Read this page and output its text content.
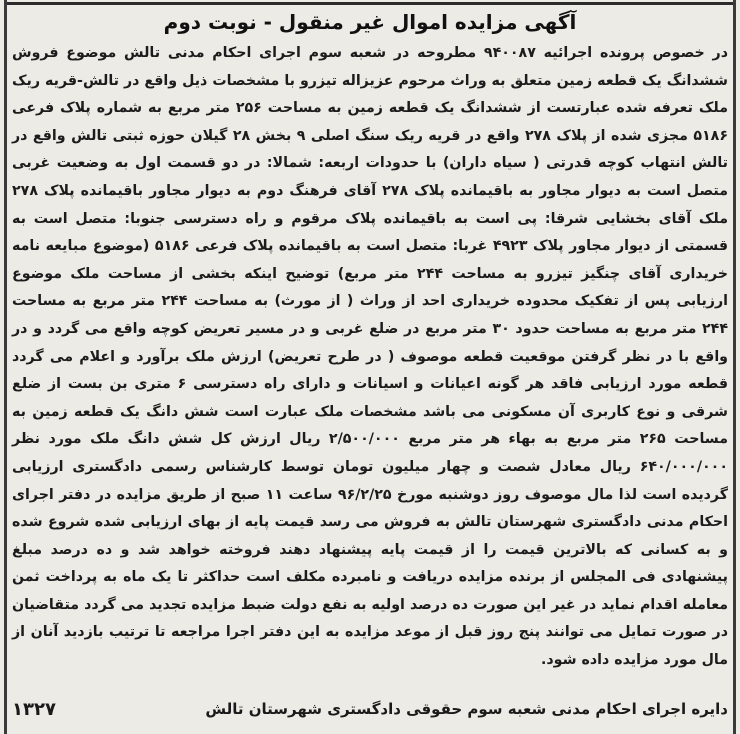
آگهی مزایده اموال غیر منقول - نوبت دوم
در خصوص پرونده اجرائیه ۹۴۰۰۸۷ مطروحه در شعبه سوم اجرای احکام مدنی تالش موضوع فروش ششدانگ یک قطعه زمین متعلق به وراث مرحوم عزیزاله تیزرو با مشخصات ذیل واقع در تالش-قریه ریک ملک تعرفه شده عبارتست از ششدانگ یک قطعه زمین به مساحت ۲۵۶ متر مربع به شماره پلاک فرعی ۵۱۸۶ مجزی شده از پلاک ۲۷۸ واقع در قریه ریک سنگ اصلی ۹ بخش ۲۸ گیلان حوزه ثبتی تالش واقع در تالش انتهاب کوچه قدرتی ( سیاه داران) با حدودات اربعه: شمالا: در دو قسمت اول به وضعیت غربی متصل است به دیوار مجاور به باقیمانده پلاک ۲۷۸ آقای فرهنگ دوم به دیوار مجاور باقیمانده پلاک ۲۷۸ ملک آقای بخشایی شرقا: پی است به باقیمانده پلاک مرقوم و راه دسترسی جنوبا: متصل است به قسمتی از دیوار مجاور پلاک ۴۹۲۳ غربا: متصل است به باقیمانده پلاک فرعی ۵۱۸۶ (موضوع مبایعه نامه خریداری آقای چنگیز تیزرو به مساحت ۲۴۴ متر مربع) توضیح اینکه بخشی از مساحت ملک موضوع ارزیابی پس از تفکیک محدوده خریداری احد از وراث ( از مورث) به مساحت ۲۴۴ متر مربع به مساحت ۲۴۴ متر مربع به مساحت حدود ۳۰ متر مربع در ضلع غربی و در مسیر تعریض کوچه واقع می گردد و در واقع با در نظر گرفتن موقعیت قطعه موصوف ( در طرح تعریض) ارزش ملک برآورد و اعلام می گردد قطعه مورد ارزیابی فاقد هر گونه اعیانات و اسیانات و دارای راه دسترسی ۶ متری بن بست از ضلع شرقی و نوع کاربری آن مسکونی می باشد مشخصات ملک عبارت است شش دانگ یک قطعه زمین به مساحت ۲۶۵ متر مربع به بهاء هر متر مربع ۲/۵۰۰/۰۰۰ ریال ارزش کل شش دانگ ملک مورد نظر ۶۴۰/۰۰۰/۰۰۰ ریال معادل شصت و چهار میلیون تومان توسط کارشناس رسمی دادگستری ارزیابی گردیده است لذا مال موصوف روز دوشنبه مورخ ۹۶/۲/۲۵ ساعت ۱۱ صبح از طریق مزایده در دفتر اجرای احکام مدنی دادگستری شهرستان تالش به فروش می رسد قیمت پایه از بهای ارزیابی شده شروع شده و به کسانی که بالاترین قیمت را از قیمت پایه پیشنهاد دهند فروخته خواهد شد و ده درصد مبلغ پیشنهادی فی المجلس از برنده مزایده دریافت و نامبرده مکلف است حداکثر تا یک ماه به پرداخت ثمن معامله اقدام نماید در غیر این صورت ده درصد اولیه به نفع دولت ضبط مزایده تجدید می گردد متقاضیان در صورت تمایل می توانند پنج روز قبل از موعد مزایده به این دفتر اجرا مراجعه تا ترتیب بازدید آنان از مال مورد مزایده داده شود.
دایره اجرای احکام مدنی شعبه سوم حقوقی دادگستری شهرستان تالش
۱۳۲۷
